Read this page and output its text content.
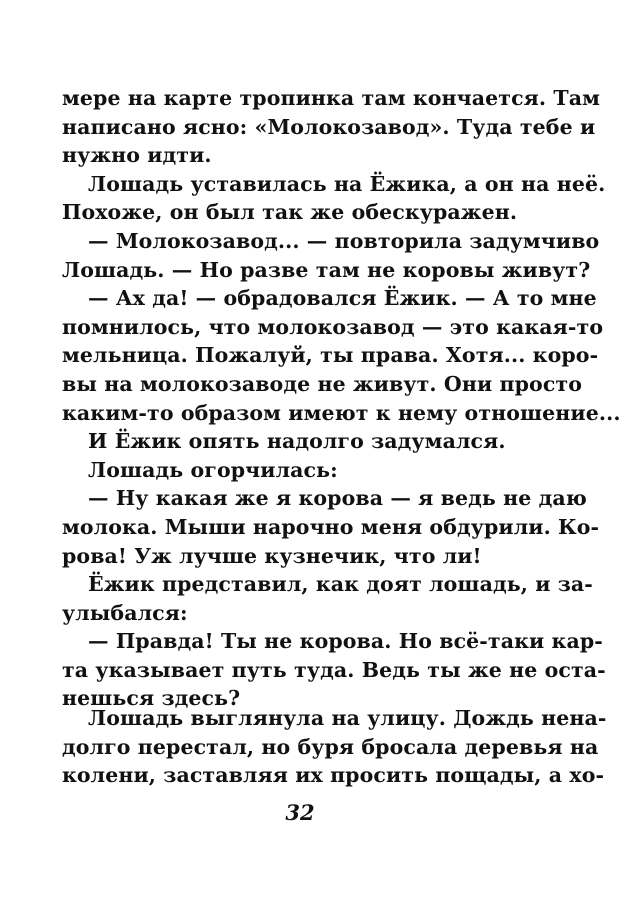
мере на карте тропинка там кончается. Там
написано ясно: «Молокозавод». Туда тебе и
нужно идти.
Лошадь уставилась на Ёжика, а он на неё.
Похоже, он был так же обескуражен.
— Молокозавод... — повторила задумчиво
Лошадь. — Но разве там не коровы живут?
— Ах да! — обрадовался Ёжик. — А то мне
помнилось, что молокозавод — это какая-то
мельница. Пожалуй, ты права. Хотя... коро-
вы на молокозаводе не живут. Они просто
каким-то образом имеют к нему отношение...
И Ёжик опять надолго задумался.
Лошадь огорчилась:
— Ну какая же я корова — я ведь не даю
молока. Мыши нарочно меня обдурили. Ко-
рова! Уж лучше кузнечик, что ли!
Ёжик представил, как доят лошадь, и за-
улыбался:
— Правда! Ты не корова. Но всё-таки кар-
та указывает путь туда. Ведь ты же не оста-
нешься здесь?
Лошадь выглянула на улицу. Дождь нена-
долго перестал, но буря бросала деревья на
колени, заставляя их просить пощады, а хо-
32
